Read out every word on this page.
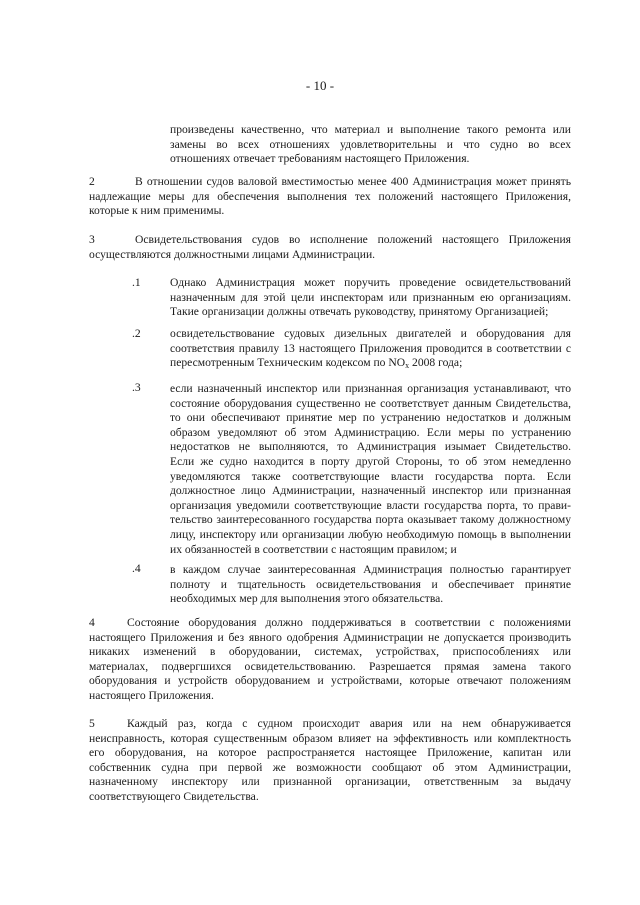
- 10 -
произведены качественно, что материал и выполнение такого ремонта или
замены во всех отношениях удовлетворительны и что судно во всех
отношениях отвечает требованиям настоящего Приложения.
2	В отношении судов валовой вместимостью менее 400 Администрация может принять
надлежащие меры для обеспечения выполнения тех положений настоящего Приложения,
которые к ним применимы.
3	Освидетельствования судов во исполнение положений настоящего Приложения
осуществляются должностными лицами Администрации.
.1	Однако Администрация может поручить проведение освидетельствований
назначенным для этой цели инспекторам или признанным ею организациям.
Такие организации должны отвечать руководству, принятому Организацией;
.2	освидетельствование судовых дизельных двигателей и оборудования для
соответствия правилу 13 настоящего Приложения проводится в соответствии с
пересмотренным Техническим кодексом по $NO_x$ 2008 года;
.3	если назначенный инспектор или признанная организация устанавливают, что
состояние оборудования существенно не соответствует данным Свидетельства,
то они обеспечивают принятие мер по устранению недостатков и должным
образом уведомляют об этом Администрацию. Если меры по устранению
недостатков не выполняются, то Администрация изымает Свидетельство.
Если же судно находится в порту другой Стороны, то об этом немедленно
уведомляются также соответствующие власти государства порта. Если
должностное лицо Администрации, назначенный инспектор или признанная
организация уведомили соответствующие власти государства порта, то прави-
тельство заинтересованного государства порта оказывает такому должностному
лицу, инспектору или организации любую необходимую помощь в выполнении
их обязанностей в соответствии с настоящим правилом; и
.4	в каждом случае заинтересованная Администрация полностью гарантирует
полноту и тщательность освидетельствования и обеспечивает принятие
необходимых мер для выполнения этого обязательства.
4	Состояние оборудования должно поддерживаться в соответствии с положениями
настоящего Приложения и без явного одобрения Администрации не допускается производить
никаких изменений в оборудовании, системах, устройствах, приспособлениях или
материалах, подвергшихся освидетельствованию. Разрешается прямая замена такого
оборудования и устройств оборудованием и устройствами, которые отвечают положениям
настоящего Приложения.
5	Каждый раз, когда с судном происходит авария или на нем обнаруживается
неисправность, которая существенным образом влияет на эффективность или комплектность
его оборудования, на которое распространяется настоящее Приложение, капитан или
собственник судна при первой же возможности сообщают об этом Администрации,
назначенному инспектору или признанной организации, ответственным за выдачу
соответствующего Свидетельства.
